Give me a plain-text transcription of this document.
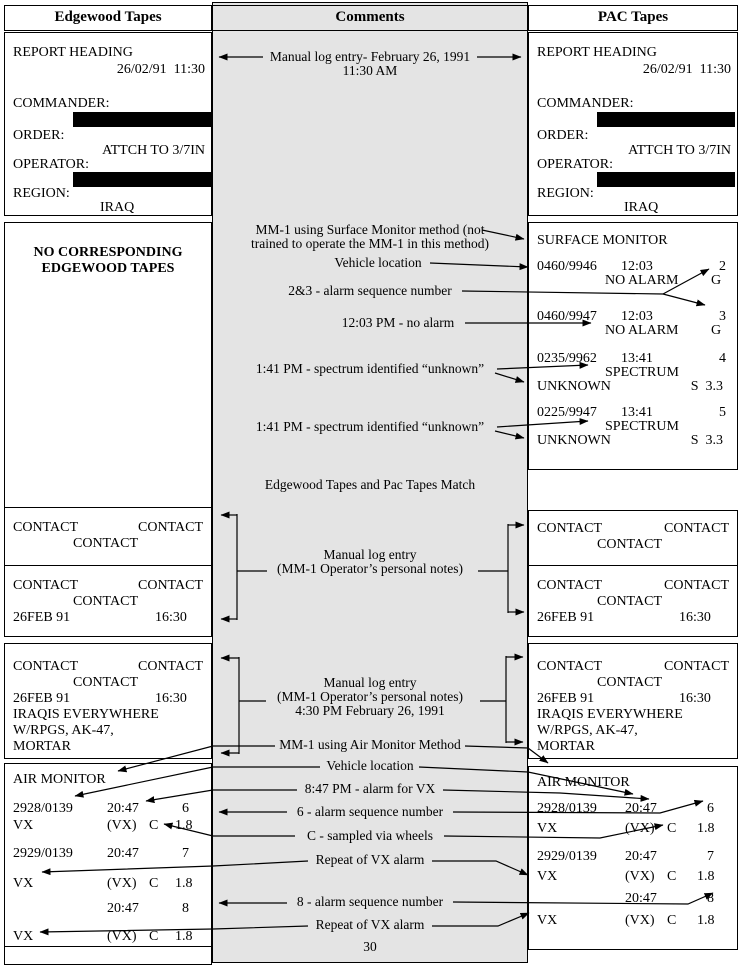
Edgewood Tapes	Comments	PAC Tapes
REPORT HEADING
26/02/91  11:30
COMMANDER:
ORDER:
ATTCH TO 3/7IN
OPERATOR:
REGION:
IRAQ
NO CORRESPONDING
EDGEWOOD TAPES
CONTACT	CONTACT
CONTACT
CONTACT	CONTACT
CONTACT
26FEB 91	16:30
CONTACT	CONTACT
CONTACT
26FEB 91	16:30
IRAQIS EVERYWHERE
W/RPGS, AK-47,
MORTAR
AIR MONITOR
2928/0139 20:47	6
VX	(VX) C 1.8
2929/0139 20:47	7
VX	(VX) C 1.8
20:47	8
VX	(VX) C 1.8
REPORT HEADING
26/02/91  11:30
COMMANDER:
ORDER:
ATTCH TO 3/7IN
OPERATOR:
REGION:
IRAQ
SURFACE MONITOR
0460/9946 12:03	2
NO ALARM G
0460/9947 12:03	3
NO ALARM G
0235/9962 13:41	4
SPECTRUM
UNKNOWN	S  3.3
0225/9947 13:41	5
SPECTRUM
UNKNOWN	S  3.3
CONTACT	CONTACT
CONTACT
CONTACT	CONTACT
CONTACT
26FEB 91	16:30
CONTACT	CONTACT
CONTACT
26FEB 91	16:30
IRAQIS EVERYWHERE
W/RPGS, AK-47,
MORTAR
AIR MONITOR
2928/0139 20:47	6
VX	(VX) C 1.8
2929/0139 20:47	7
VX	(VX) C 1.8
20:47	8
VX	(VX) C 1.8
Manual log entry- February 26, 1991
11:30 AM
MM-1 using Surface Monitor method (not
trained to operate the MM-1 in this method)
Vehicle location
2&3 - alarm sequence number
12:03 PM - no alarm
1:41 PM - spectrum identified “unknown”
1:41 PM - spectrum identified “unknown”
Edgewood Tapes and Pac Tapes Match
Manual log entry
(MM-1 Operator’s personal notes)
Manual log entry
(MM-1 Operator’s personal notes)
4:30 PM February 26, 1991
MM-1 using Air Monitor Method
Vehicle location
8:47 PM - alarm for VX
6 - alarm sequence number
C - sampled via wheels
Repeat of VX alarm
8 - alarm sequence number
Repeat of VX alarm
30
